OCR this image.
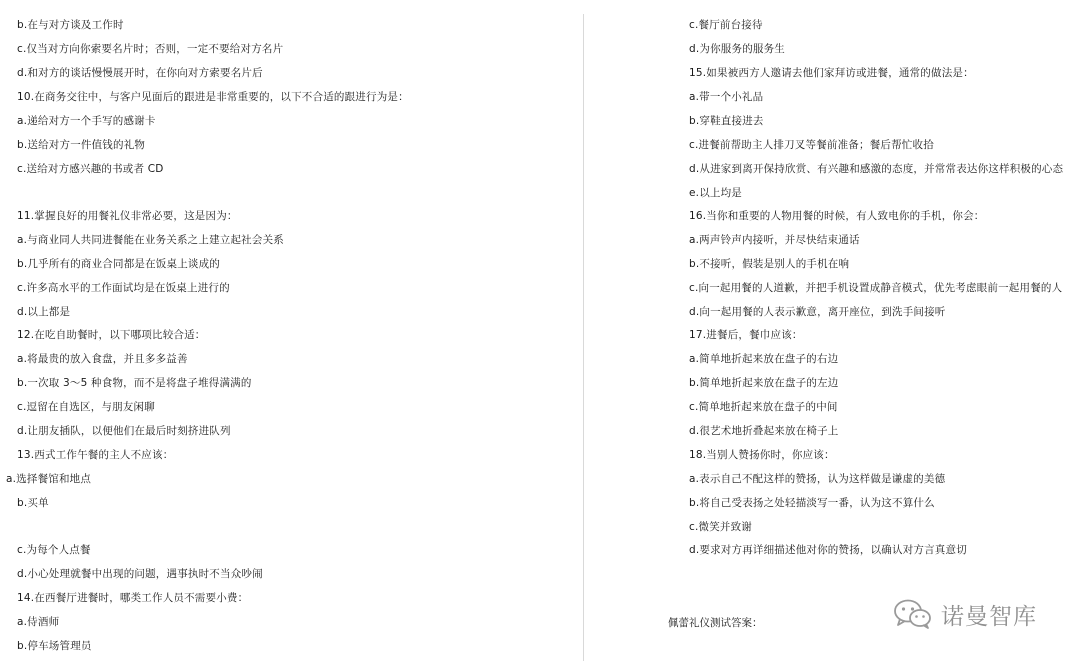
b.在与对方谈及工作时
c.仅当对方向你索要名片时；否则，一定不要给对方名片
d.和对方的谈话慢慢展开时，在你向对方索要名片后
10.在商务交往中，与客户见面后的跟进是非常重要的，以下不合适的跟进行为是：
a.递给对方一个手写的感谢卡
b.送给对方一件值钱的礼物
c.送给对方感兴趣的书或者 CD
11.掌握良好的用餐礼仪非常必要，这是因为：
a.与商业同人共同进餐能在业务关系之上建立起社会关系
b.几乎所有的商业合同都是在饭桌上谈成的
c.许多高水平的工作面试均是在饭桌上进行的
d.以上都是
12.在吃自助餐时，以下哪项比较合适：
a.将最贵的放入食盘，并且多多益善
b.一次取 3～5 种食物，而不是将盘子堆得满满的
c.逗留在自选区，与朋友闲聊
d.让朋友插队，以便他们在最后时刻挤进队列
13.西式工作午餐的主人不应该：
a.选择餐馆和地点
b.买单
c.为每个人点餐
d.小心处理就餐中出现的问题，遇事执时不当众吵闹
14.在西餐厅进餐时，哪类工作人员不需要小费：
a.侍酒师
b.停车场管理员
c.餐厅前台接待
d.为你服务的服务生
15.如果被西方人邀请去他们家拜访或进餐，通常的做法是：
a.带一个小礼品
b.穿鞋直接进去
c.进餐前帮助主人排刀叉等餐前准备；餐后帮忙收拾
d.从进家到离开保持欣赏、有兴趣和感激的态度，并常常表达你这样积极的心态
e.以上均是
16.当你和重要的人物用餐的时候，有人致电你的手机，你会：
a.两声铃声内接听，并尽快结束通话
b.不接听，假装是别人的手机在响
c.向一起用餐的人道歉，并把手机设置成静音模式，优先考虑眼前一起用餐的人
d.向一起用餐的人表示歉意，离开座位，到洗手间接听
17.进餐后，餐巾应该：
a.简单地折起来放在盘子的右边
b.简单地折起来放在盘子的左边
c.简单地折起来放在盘子的中间
d.很艺术地折叠起来放在椅子上
18.当别人赞扬你时，你应该：
a.表示自己不配这样的赞扬，认为这样做是谦虚的美德
b.将自己受表扬之处轻描淡写一番，认为这不算什么
c.微笑并致谢
d.要求对方再详细描述他对你的赞扬，以确认对方言真意切
佩蕾礼仪测试答案：	诺曼智库
